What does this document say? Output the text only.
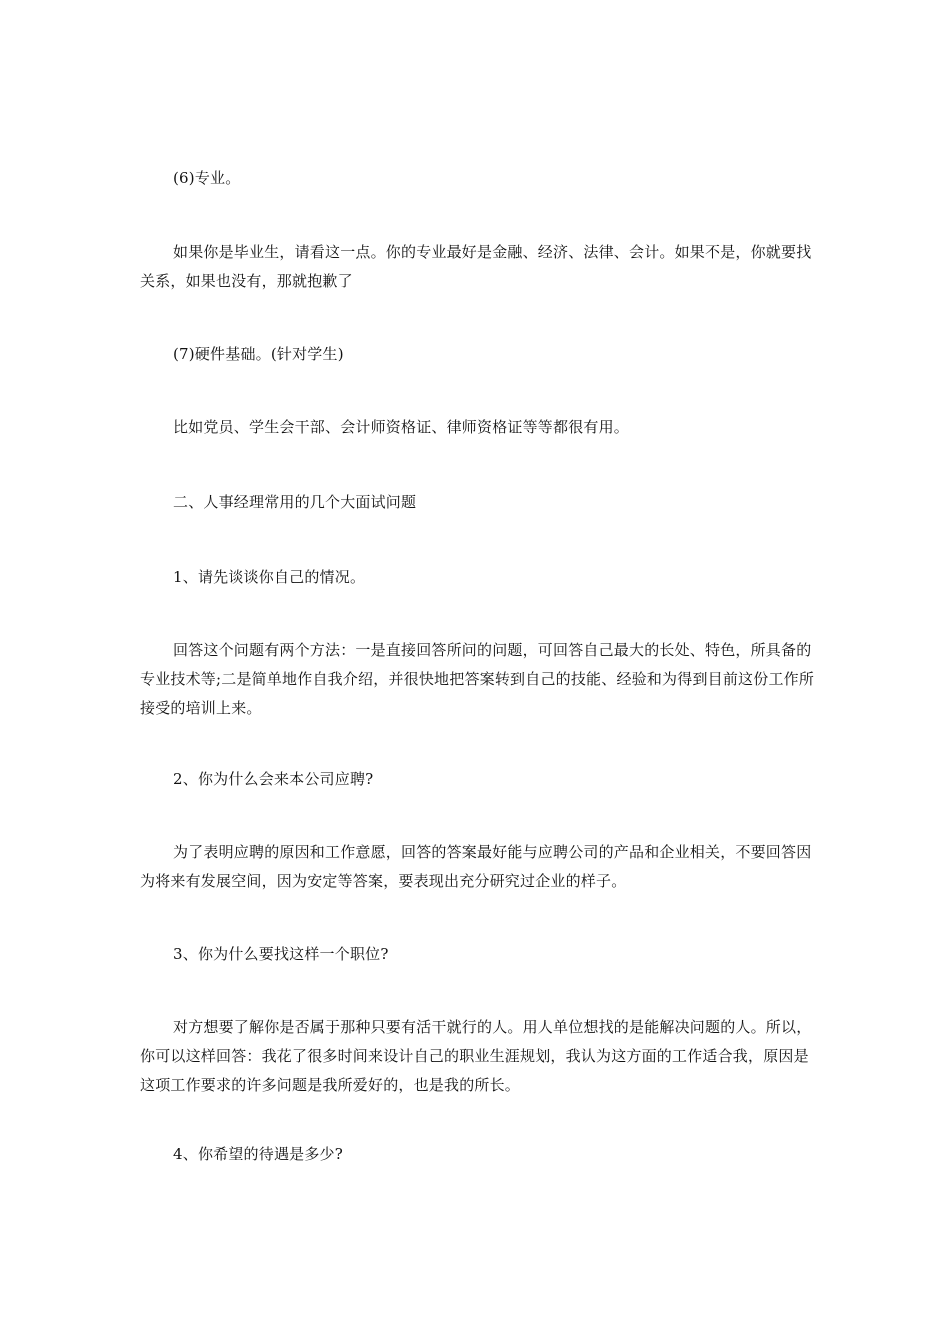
(6)专业。

如果你是毕业生，请看这一点。你的专业最好是金融、经济、法律、会计。如果不是，你就要找关系，如果也没有，那就抱歉了

(7)硬件基础。(针对学生)

比如党员、学生会干部、会计师资格证、律师资格证等等都很有用。

二、人事经理常用的几个大面试问题

1、请先谈谈你自己的情况。

回答这个问题有两个方法：一是直接回答所问的问题，可回答自己最大的长处、特色，所具备的专业技术等;二是简单地作自我介绍，并很快地把答案转到自己的技能、经验和为得到目前这份工作所接受的培训上来。

2、你为什么会来本公司应聘?

为了表明应聘的原因和工作意愿，回答的答案最好能与应聘公司的产品和企业相关，不要回答因为将来有发展空间，因为安定等答案，要表现出充分研究过企业的样子。

3、你为什么要找这样一个职位?

对方想要了解你是否属于那种只要有活干就行的人。用人单位想找的是能解决问题的人。所以，你可以这样回答：我花了很多时间来设计自己的职业生涯规划，我认为这方面的工作适合我，原因是这项工作要求的许多问题是我所爱好的，也是我的所长。

4、你希望的待遇是多少?
